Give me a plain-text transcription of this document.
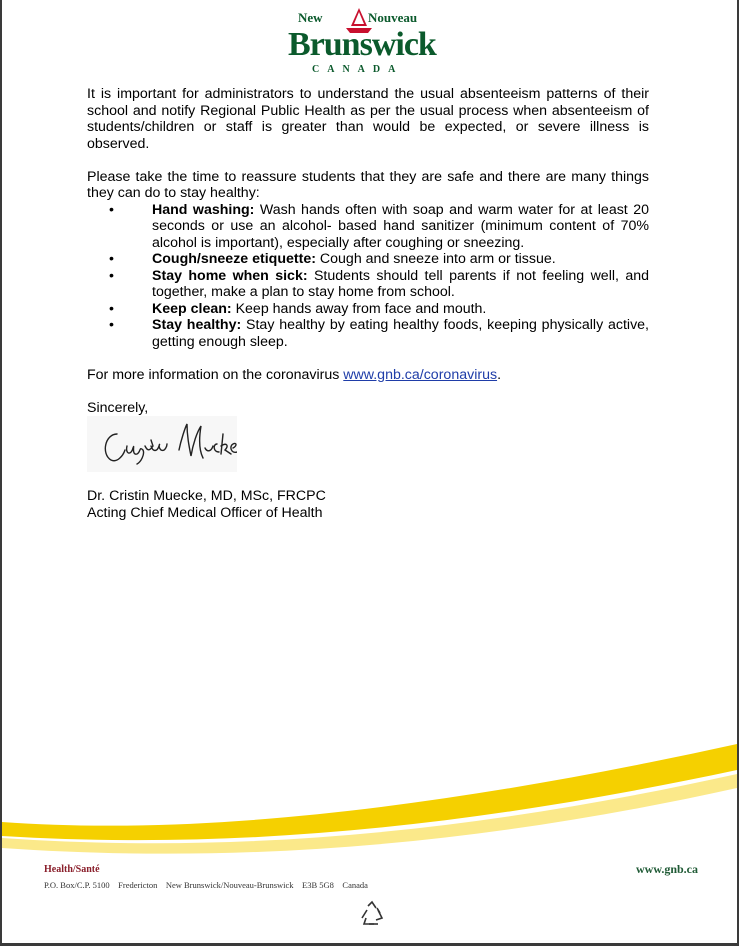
New	Nouveau
Brunswick
CANADA

It is important for administrators to understand the usual absenteeism patterns of their school and notify Regional Public Health as per the usual process when absenteeism of students/children or staff is greater than would be expected, or severe illness is observed.

Please take the time to reassure students that they are safe and there are many things they can do to stay healthy:

•	Hand washing: Wash hands often with soap and warm water for at least 20 seconds or use an alcohol- based hand sanitizer (minimum content of 70% alcohol is important), especially after coughing or sneezing.
•	Cough/sneeze etiquette: Cough and sneeze into arm or tissue.
•	Stay home when sick: Students should tell parents if not feeling well, and together, make a plan to stay home from school.
•	Keep clean: Keep hands away from face and mouth.
•	Stay healthy: Stay healthy by eating healthy foods, keeping physically active, getting enough sleep.

For more information on the coronavirus www.gnb.ca/coronavirus.

Sincerely,

Dr. Cristin Muecke, MD, MSc, FRCPC

Acting Chief Medical Officer of Health

Health/Santé
P.O. Box/C.P. 5100    Fredericton    New Brunswick/Nouveau-Brunswick    E3B 5G8    Canada
www.gnb.ca
